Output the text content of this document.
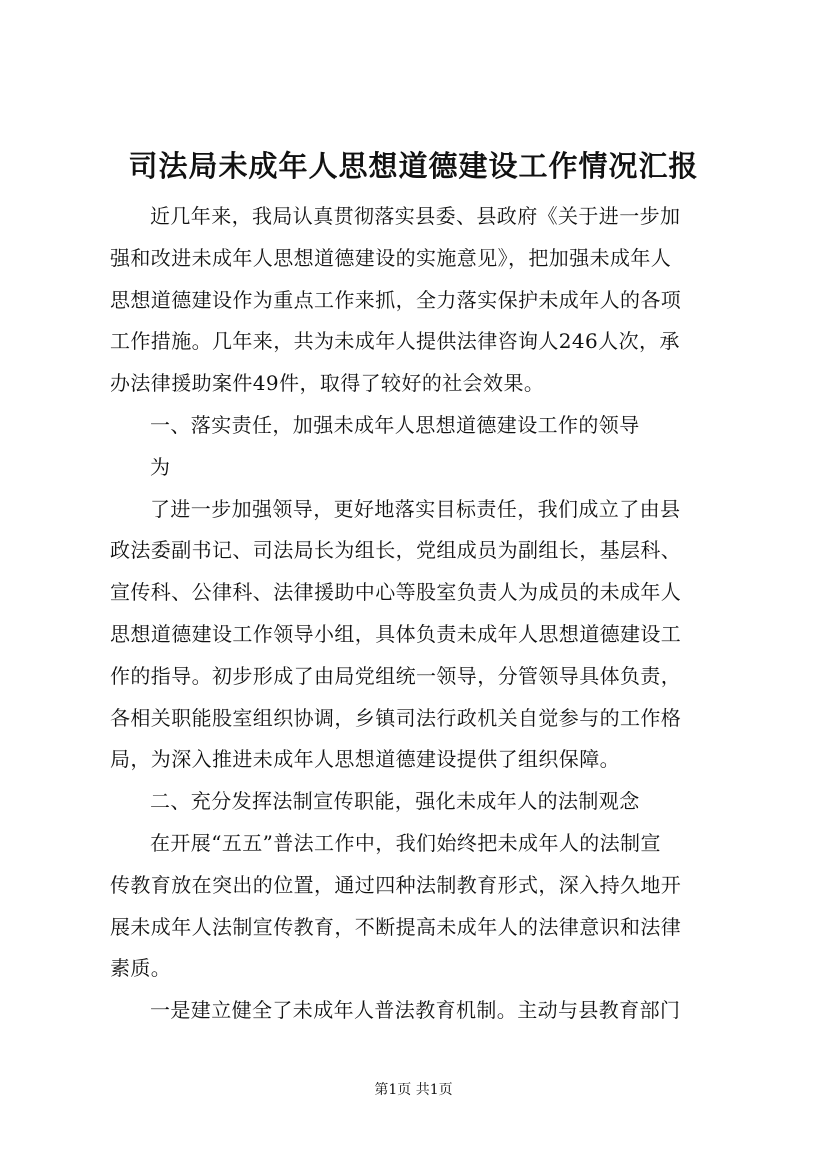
司法局未成年人思想道德建设工作情况汇报
近几年来，我局认真贯彻落实县委、县政府《关于进一步加
强和改进未成年人思想道德建设的实施意见》，把加强未成年人
思想道德建设作为重点工作来抓，全力落实保护未成年人的各项
工作措施。几年来，共为未成年人提供法律咨询人246人次，承
办法律援助案件49件，取得了较好的社会效果。
一、落实责任，加强未成年人思想道德建设工作的领导
为
了进一步加强领导，更好地落实目标责任，我们成立了由县
政法委副书记、司法局长为组长，党组成员为副组长，基层科、
宣传科、公律科、法律援助中心等股室负责人为成员的未成年人
思想道德建设工作领导小组，具体负责未成年人思想道德建设工
作的指导。初步形成了由局党组统一领导，分管领导具体负责，
各相关职能股室组织协调，乡镇司法行政机关自觉参与的工作格
局，为深入推进未成年人思想道德建设提供了组织保障。
二、充分发挥法制宣传职能，强化未成年人的法制观念
在开展“五五”普法工作中，我们始终把未成年人的法制宣
传教育放在突出的位置，通过四种法制教育形式，深入持久地开
展未成年人法制宣传教育，不断提高未成年人的法律意识和法律
素质。
一是建立健全了未成年人普法教育机制。主动与县教育部门
第1页 共1页
